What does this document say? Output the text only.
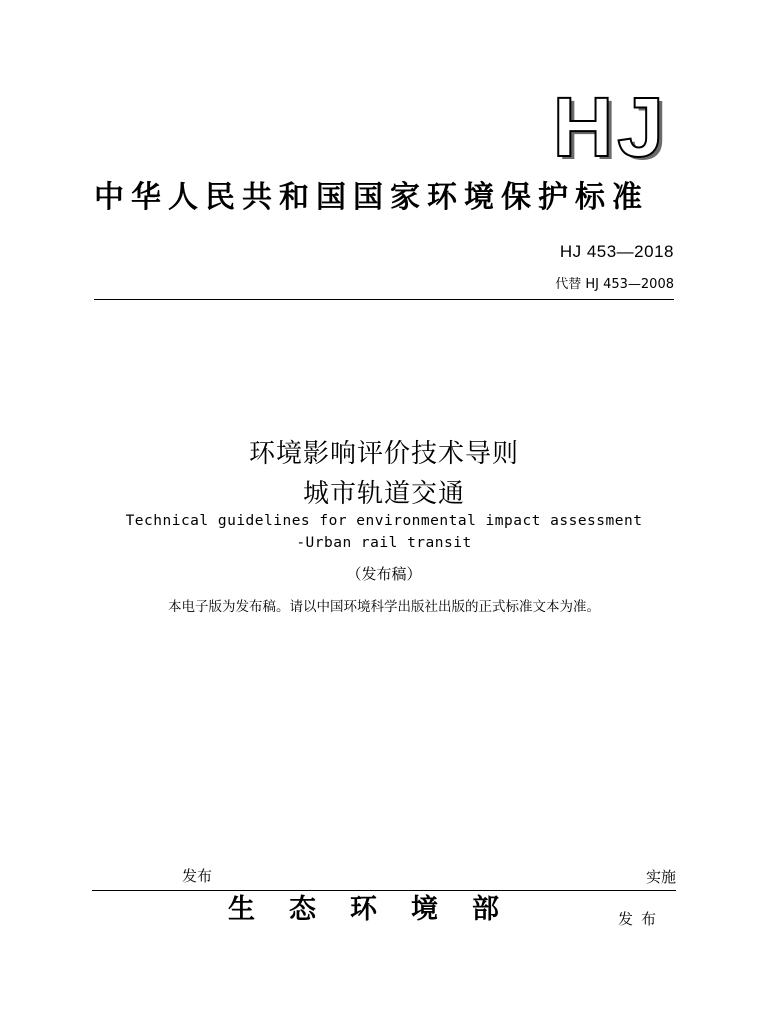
HJ
中华人民共和国国家环境保护标准
HJ 453—2018
代替 HJ 453—2008
环境影响评价技术导则
城市轨道交通
Technical guidelines for environmental impact assessment
-Urban rail transit
（发布稿）
本电子版为发布稿。请以中国环境科学出版社出版的正式标准文本为准。
发布	实施
生态环境部	发布
